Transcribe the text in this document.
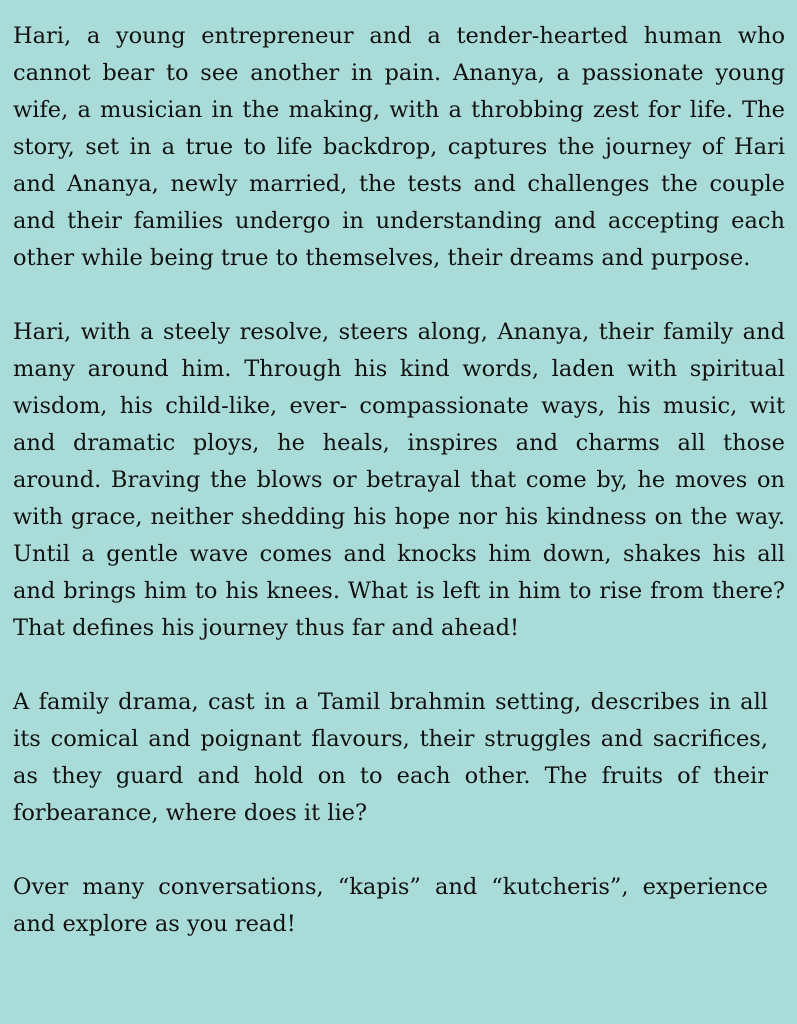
Hari, a young entrepreneur and a tender-hearted human who cannot bear to see another in pain. Ananya, a passionate young wife, a musician in the making, with a throbbing zest for life. The story, set in a true to life backdrop, captures the journey of Hari and Ananya, newly married, the tests and challenges the couple and their families undergo in understanding and accepting each other while being true to themselves, their dreams and purpose.

Hari, with a steely resolve, steers along, Ananya, their family and many around him. Through his kind words, laden with spiritual wisdom, his child-like, ever- compassionate ways, his music, wit and dramatic ploys, he heals, inspires and charms all those around. Braving the blows or betrayal that come by, he moves on with grace, neither shedding his hope nor his kindness on the way. Until a gentle wave comes and knocks him down, shakes his all and brings him to his knees. What is left in him to rise from there? That defines his journey thus far and ahead!

A family drama, cast in a Tamil brahmin setting, describes in all its comical and poignant flavours, their struggles and sacrifices, as they guard and hold on to each other. The fruits of their forbearance, where does it lie?

Over many conversations, “kapis” and “kutcheris”, experience and explore as you read!
